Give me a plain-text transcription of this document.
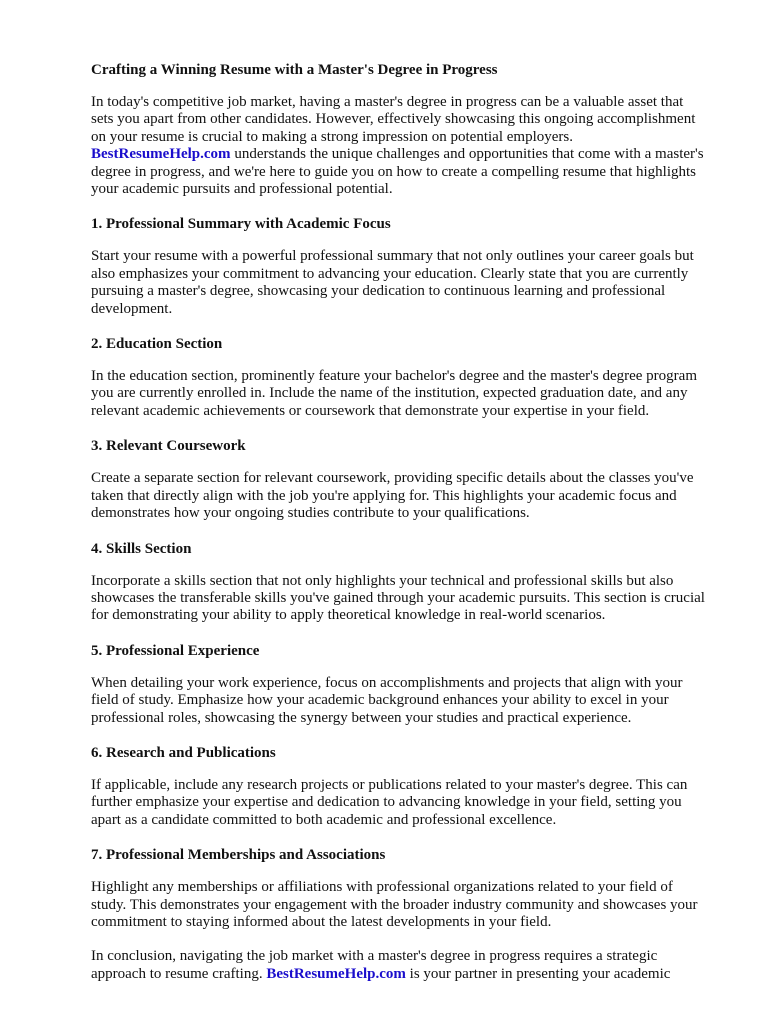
Crafting a Winning Resume with a Master's Degree in Progress

In today's competitive job market, having a master's degree in progress can be a valuable asset that sets you apart from other candidates. However, effectively showcasing this ongoing accomplishment on your resume is crucial to making a strong impression on potential employers.
BestResumeHelp.com understands the unique challenges and opportunities that come with a master's degree in progress, and we're here to guide you on how to create a compelling resume that highlights your academic pursuits and professional potential.

1. Professional Summary with Academic Focus

Start your resume with a powerful professional summary that not only outlines your career goals but also emphasizes your commitment to advancing your education. Clearly state that you are currently pursuing a master's degree, showcasing your dedication to continuous learning and professional development.

2. Education Section

In the education section, prominently feature your bachelor's degree and the master's degree program you are currently enrolled in. Include the name of the institution, expected graduation date, and any relevant academic achievements or coursework that demonstrate your expertise in your field.

3. Relevant Coursework

Create a separate section for relevant coursework, providing specific details about the classes you've taken that directly align with the job you're applying for. This highlights your academic focus and demonstrates how your ongoing studies contribute to your qualifications.

4. Skills Section

Incorporate a skills section that not only highlights your technical and professional skills but also showcases the transferable skills you've gained through your academic pursuits. This section is crucial for demonstrating your ability to apply theoretical knowledge in real-world scenarios.

5. Professional Experience

When detailing your work experience, focus on accomplishments and projects that align with your field of study. Emphasize how your academic background enhances your ability to excel in your professional roles, showcasing the synergy between your studies and practical experience.

6. Research and Publications

If applicable, include any research projects or publications related to your master's degree. This can further emphasize your expertise and dedication to advancing knowledge in your field, setting you apart as a candidate committed to both academic and professional excellence.

7. Professional Memberships and Associations

Highlight any memberships or affiliations with professional organizations related to your field of study. This demonstrates your engagement with the broader industry community and showcases your commitment to staying informed about the latest developments in your field.

In conclusion, navigating the job market with a master's degree in progress requires a strategic approach to resume crafting. BestResumeHelp.com is your partner in presenting your academic
